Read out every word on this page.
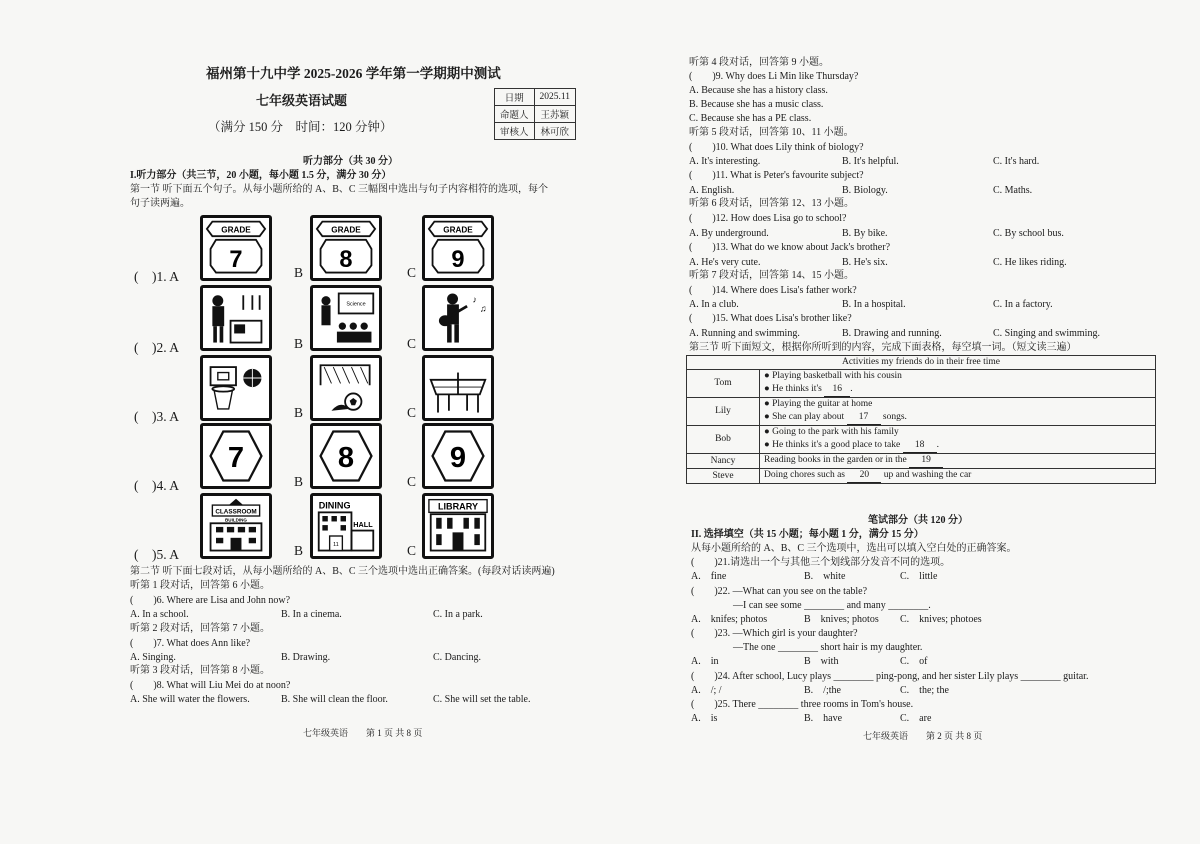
福州第十九中学 2025-2026 学年第一学期期中测试
七年级英语试题
（满分 150 分　时间：120 分钟）
日期	2025.11
命题人	王苏颖
审核人	林可欣
听力部分（共 30 分）
I.听力部分（共三节，20 小题，每小题 1.5 分，满分 30 分）
第一节 听下面五个句子。从每小题所给的 A、B、C 三幅图中选出与句子内容相符的选项，每个
句子读两遍。
(　)1. A
GRADE
7	B
GRADE
8	C
GRADE
9
(　)2. A	B
Science
C
♪
♫
(　)3. A	B	C
(　)4. A
7
B
8
C
9
(　)5. A
CLASSROOM
BUILDING
B
DINING
HALL
11	C
LIBRARY
第二节 听下面七段对话，从每小题所给的 A、B、C 三个选项中选出正确答案。(每段对话读两遍)
听第 1 段对话，回答第 6 小题。
(　　)6. Where are Lisa and John now?
A. In a school.	B. In a cinema.	C. In a park.
听第 2 段对话，回答第 7 小题。
(　　)7. What does Ann like?
A. Singing.	B. Drawing.	C. Dancing.
听第 3 段对话，回答第 8 小题。
(　　)8. What will Liu Mei do at noon?
A. She will water the flowers.	B. She will clean the floor.	C. She will set the table.
七年级英语　　第 1 页 共 8 页
听第 4 段对话，回答第 9 小题。
(　　)9. Why does Li Min like Thursday?
A. Because she has a history class.
B. Because she has a music class.
C. Because she has a PE class.
听第 5 段对话，回答第 10、11 小题。
(　　)10. What does Lily think of biology?
A. It's interesting.	B. It's helpful.	C. It's hard.
(　　)11. What is Peter's favourite subject?
A. English.	B. Biology.	C. Maths.
听第 6 段对话，回答第 12、13 小题。
(　　)12. How does Lisa go to school?
A. By underground.	B. By bike.	C. By school bus.
(　　)13. What do we know about Jack's brother?
A. He's very cute.	B. He's six.	C. He likes riding.
听第 7 段对话，回答第 14、15 小题。
(　　)14. Where does Lisa's father work?
A. In a club.	B. In a hospital.	C. In a factory.
(　　)15. What does Lisa's brother like?
A. Running and swimming.	B. Drawing and running.	C. Singing and swimming.
第三节 听下面短文，根据你所听到的内容，完成下面表格，每空填一词。（短文读三遍）
Activities my friends do in their free time	
Tom	● Playing basketball with his cousin
● He thinks it's 16 .

Lily	● Playing the guitar at home
● She can play about 17 songs.

Bob	● Going to the park with his family
● He thinks it's a good place to take 18 .

Nancy	Reading books in the garden or in the 19
Steve	Doing chores such as 20 up and washing the car
笔试部分（共 120 分）
II. 选择填空（共 15 小题；每小题 1 分，满分 15 分）
从每小题所给的 A、B、C 三个选项中，选出可以填入空白处的正确答案。
(　　)21.请选出一个与其他三个划线部分发音不同的选项。
A.　fine	B.　white	C.　little
(　　)22. —What can you see on the table?
—I can see some ________ and many ________.
A.　knifes; photos	B　knives; photos C.　knives; photoes
(　　)23. —Which girl is your daughter?
—The one ________ short hair is my daughter.
A.　in	B　with	C.　of
(　　)24. After school, Lucy plays ________ ping-pong, and her sister Lily plays ________ guitar.
A.　/; /	B.　/;the	C.　the; the
(　　)25. There ________ three rooms in Tom's house.
A.　is	B.　have	C.　are
七年级英语　　第 2 页 共 8 页
